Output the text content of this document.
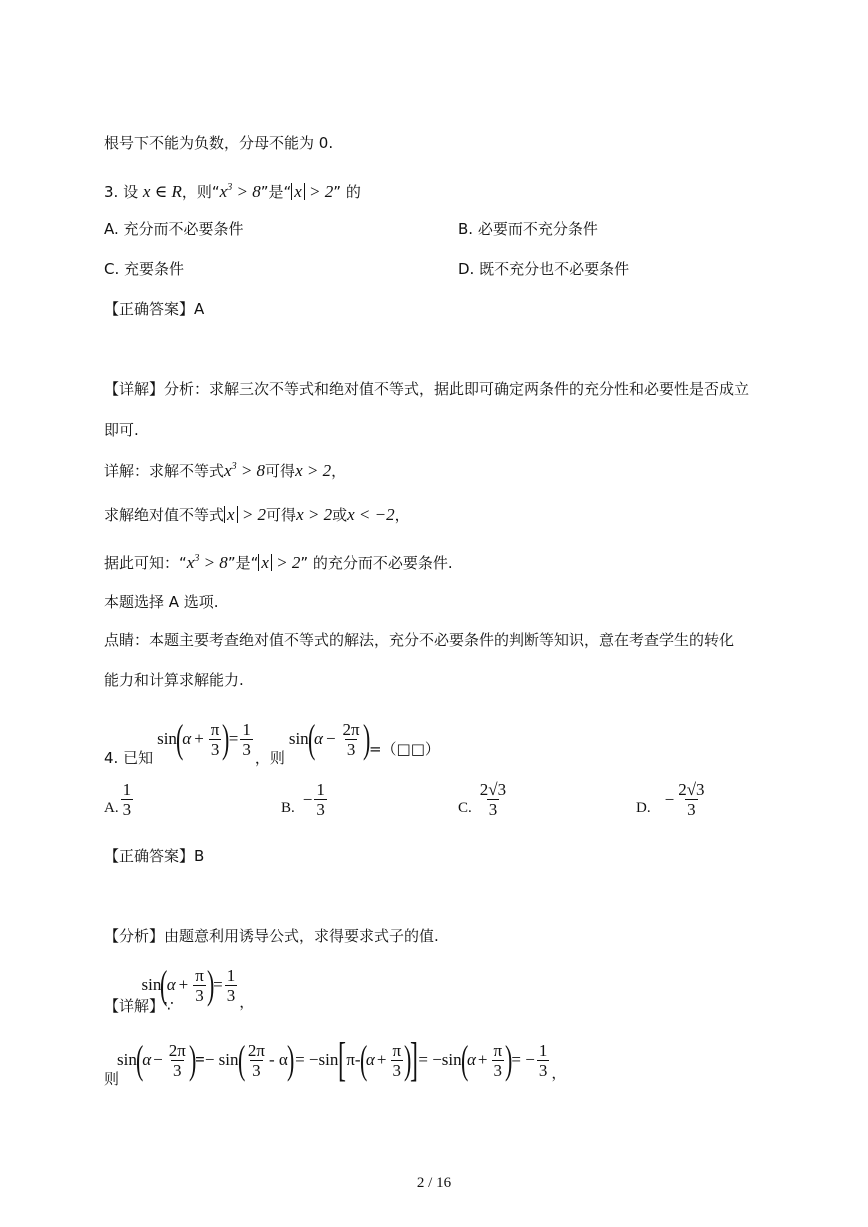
根号下不能为负数，分母不能为 0.
3. 设 x ∈ R，则“$x^3 > 8$”是“ x > 2” 的
A. 充分而不必要条件	B. 必要而不充分条件
C. 充要条件	D. 既不充分也不必要条件
【正确答案】A
【详解】分析：求解三次不等式和绝对值不等式，据此即可确定两条件的充分性和必要性是否成立
即可.
详解：求解不等式$x^3 > 8$可得x > 2，
求解绝对值不等式 x > 2可得x > 2或x < −2，
据此可知：“$x^3 > 8$”是“ x > 2” 的充分而不必要条件.
本题选择 A 选项.
点睛：本题主要考查绝对值不等式的解法，充分不必要条件的判断等知识，意在考查学生的转化
能力和计算求解能力.
4. 已知
sin
(
$\alpha + \frac{\pi}{3}$ )
= $\frac{1}{3}$ ，则
sin
(
$\alpha - \frac{2\pi}{3}$ )
=（□□）
A. $\frac{1}{3}$	B. − $\frac{1}{3}$	C. $\frac{2√3}{3}$	D. − $\frac{2√3}{3}$
【正确答案】B
【分析】由题意利用诱导公式，求得要求式子的值.
【详解】∵
sin
(
$\alpha + \frac{\pi}{3}$ )
= $\frac{1}{3}$ ，
则
sin
(
$\alpha - \frac{2\pi}{3}$ )
= − sin
( $\frac{2\pi}{3}$ - α
) = −sin [ π-
(
$\alpha + \frac{\pi}{3}$ )
] = −sin
(
$\alpha + \frac{\pi}{3}$ )
= − $\frac{1}{3}$ ，
2 / 16
